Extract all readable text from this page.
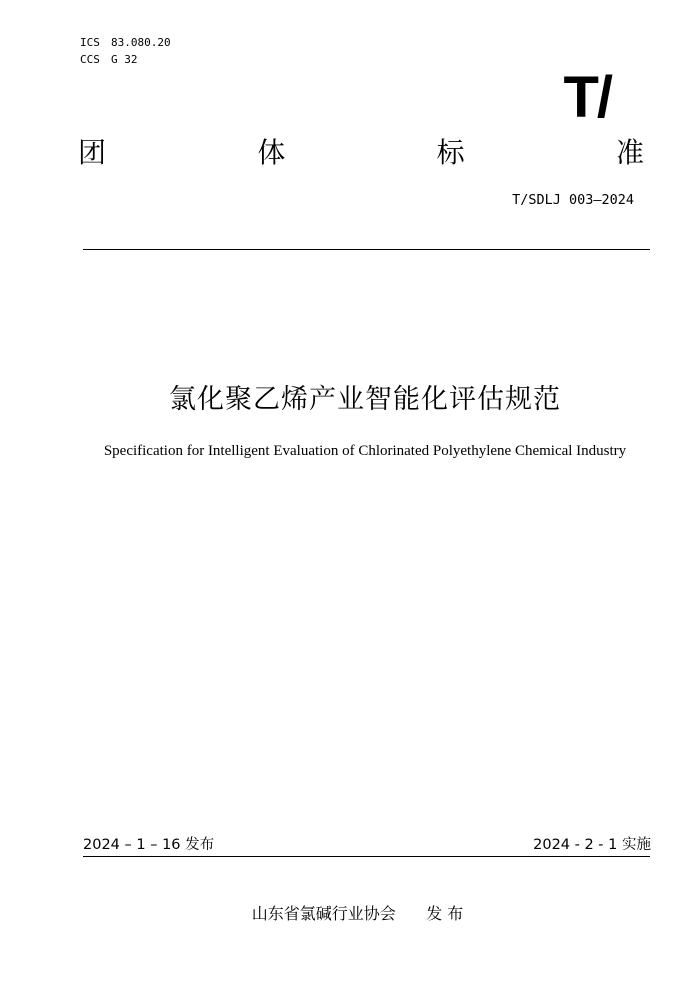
ICS 83.080.20
CCS G 32
T/
团	体	标	准
T/SDLJ 003—2024
氯化聚乙烯产业智能化评估规范
Specification for Intelligent Evaluation of Chlorinated Polyethylene Chemical Industry
2024 – 1 – 16 发布	2024 - 2 - 1 实施
山东省氯碱行业协会 发 布
